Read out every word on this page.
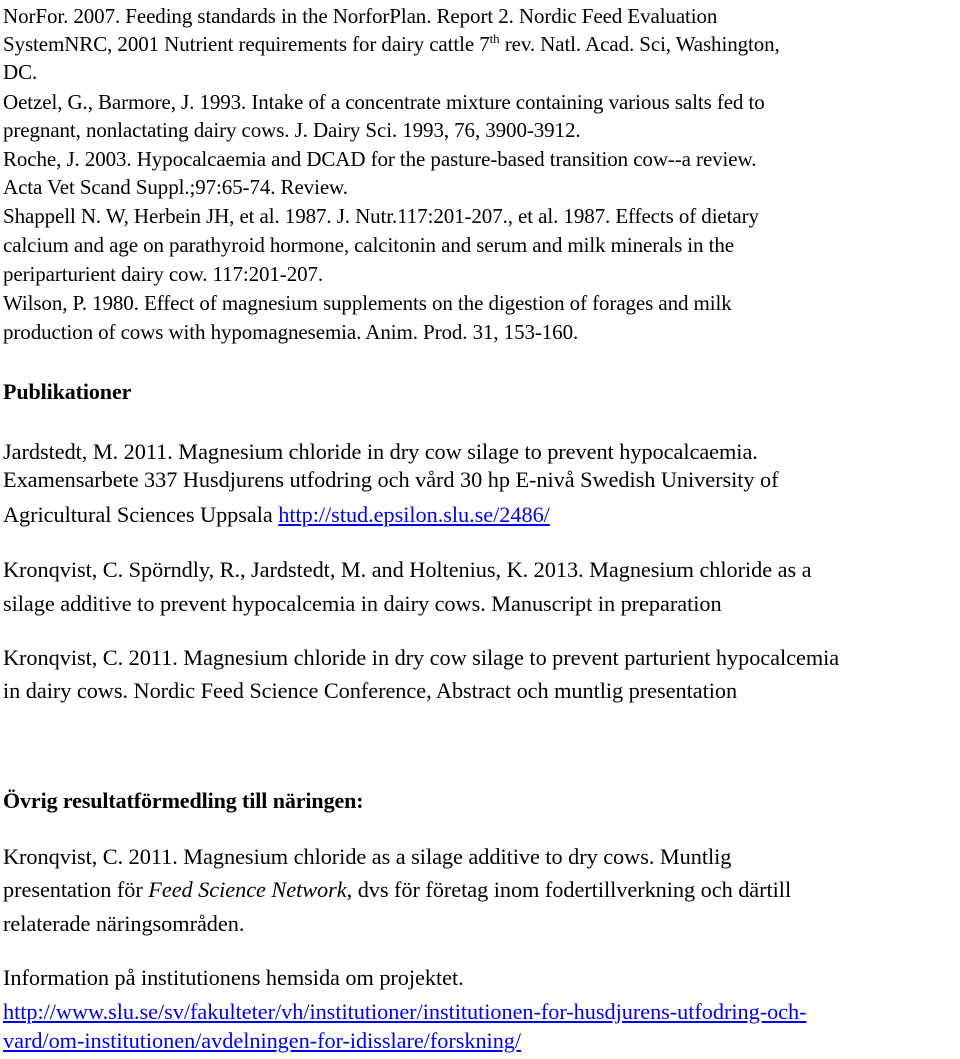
NorFor. 2007. Feeding standards in the NorforPlan. Report 2. Nordic Feed Evaluation
SystemNRC, 2001 Nutrient requirements for dairy cattle 7th rev. Natl. Acad. Sci, Washington,
DC.
Oetzel, G., Barmore, J. 1993. Intake of a concentrate mixture containing various salts fed to
pregnant, nonlactating dairy cows. J. Dairy Sci. 1993, 76, 3900-3912.
Roche, J. 2003. Hypocalcaemia and DCAD for the pasture-based transition cow--a review.
Acta Vet Scand Suppl.;97:65-74. Review.
Shappell N. W, Herbein JH, et al. 1987. J. Nutr.117:201-207., et al. 1987. Effects of dietary
calcium and age on parathyroid hormone, calcitonin and serum and milk minerals in the
periparturient dairy cow. 117:201-207.
Wilson, P. 1980. Effect of magnesium supplements on the digestion of forages and milk
production of cows with hypomagnesemia. Anim. Prod. 31, 153-160.
Publikationer
Jardstedt, M. 2011. Magnesium chloride in dry cow silage to prevent hypocalcaemia.
Examensarbete 337 Husdjurens utfodring och vård 30 hp E-nivå Swedish University of
Agricultural Sciences Uppsala http://stud.epsilon.slu.se/2486/
Kronqvist, C. Spörndly, R., Jardstedt, M. and Holtenius, K. 2013. Magnesium chloride as a
silage additive to prevent hypocalcemia in dairy cows. Manuscript in preparation
Kronqvist, C. 2011. Magnesium chloride in dry cow silage to prevent parturient hypocalcemia
in dairy cows. Nordic Feed Science Conference, Abstract och muntlig presentation
Övrig resultatförmedling till näringen:
Kronqvist, C. 2011. Magnesium chloride as a silage additive to dry cows. Muntlig
presentation för Feed Science Network, dvs för företag inom fodertillverkning och därtill
relaterade näringsområden.
Information på institutionens hemsida om projektet.
http://www.slu.se/sv/fakulteter/vh/institutioner/institutionen-for-husdjurens-utfodring-och-
vard/om-institutionen/avdelningen-for-idisslare/forskning/
